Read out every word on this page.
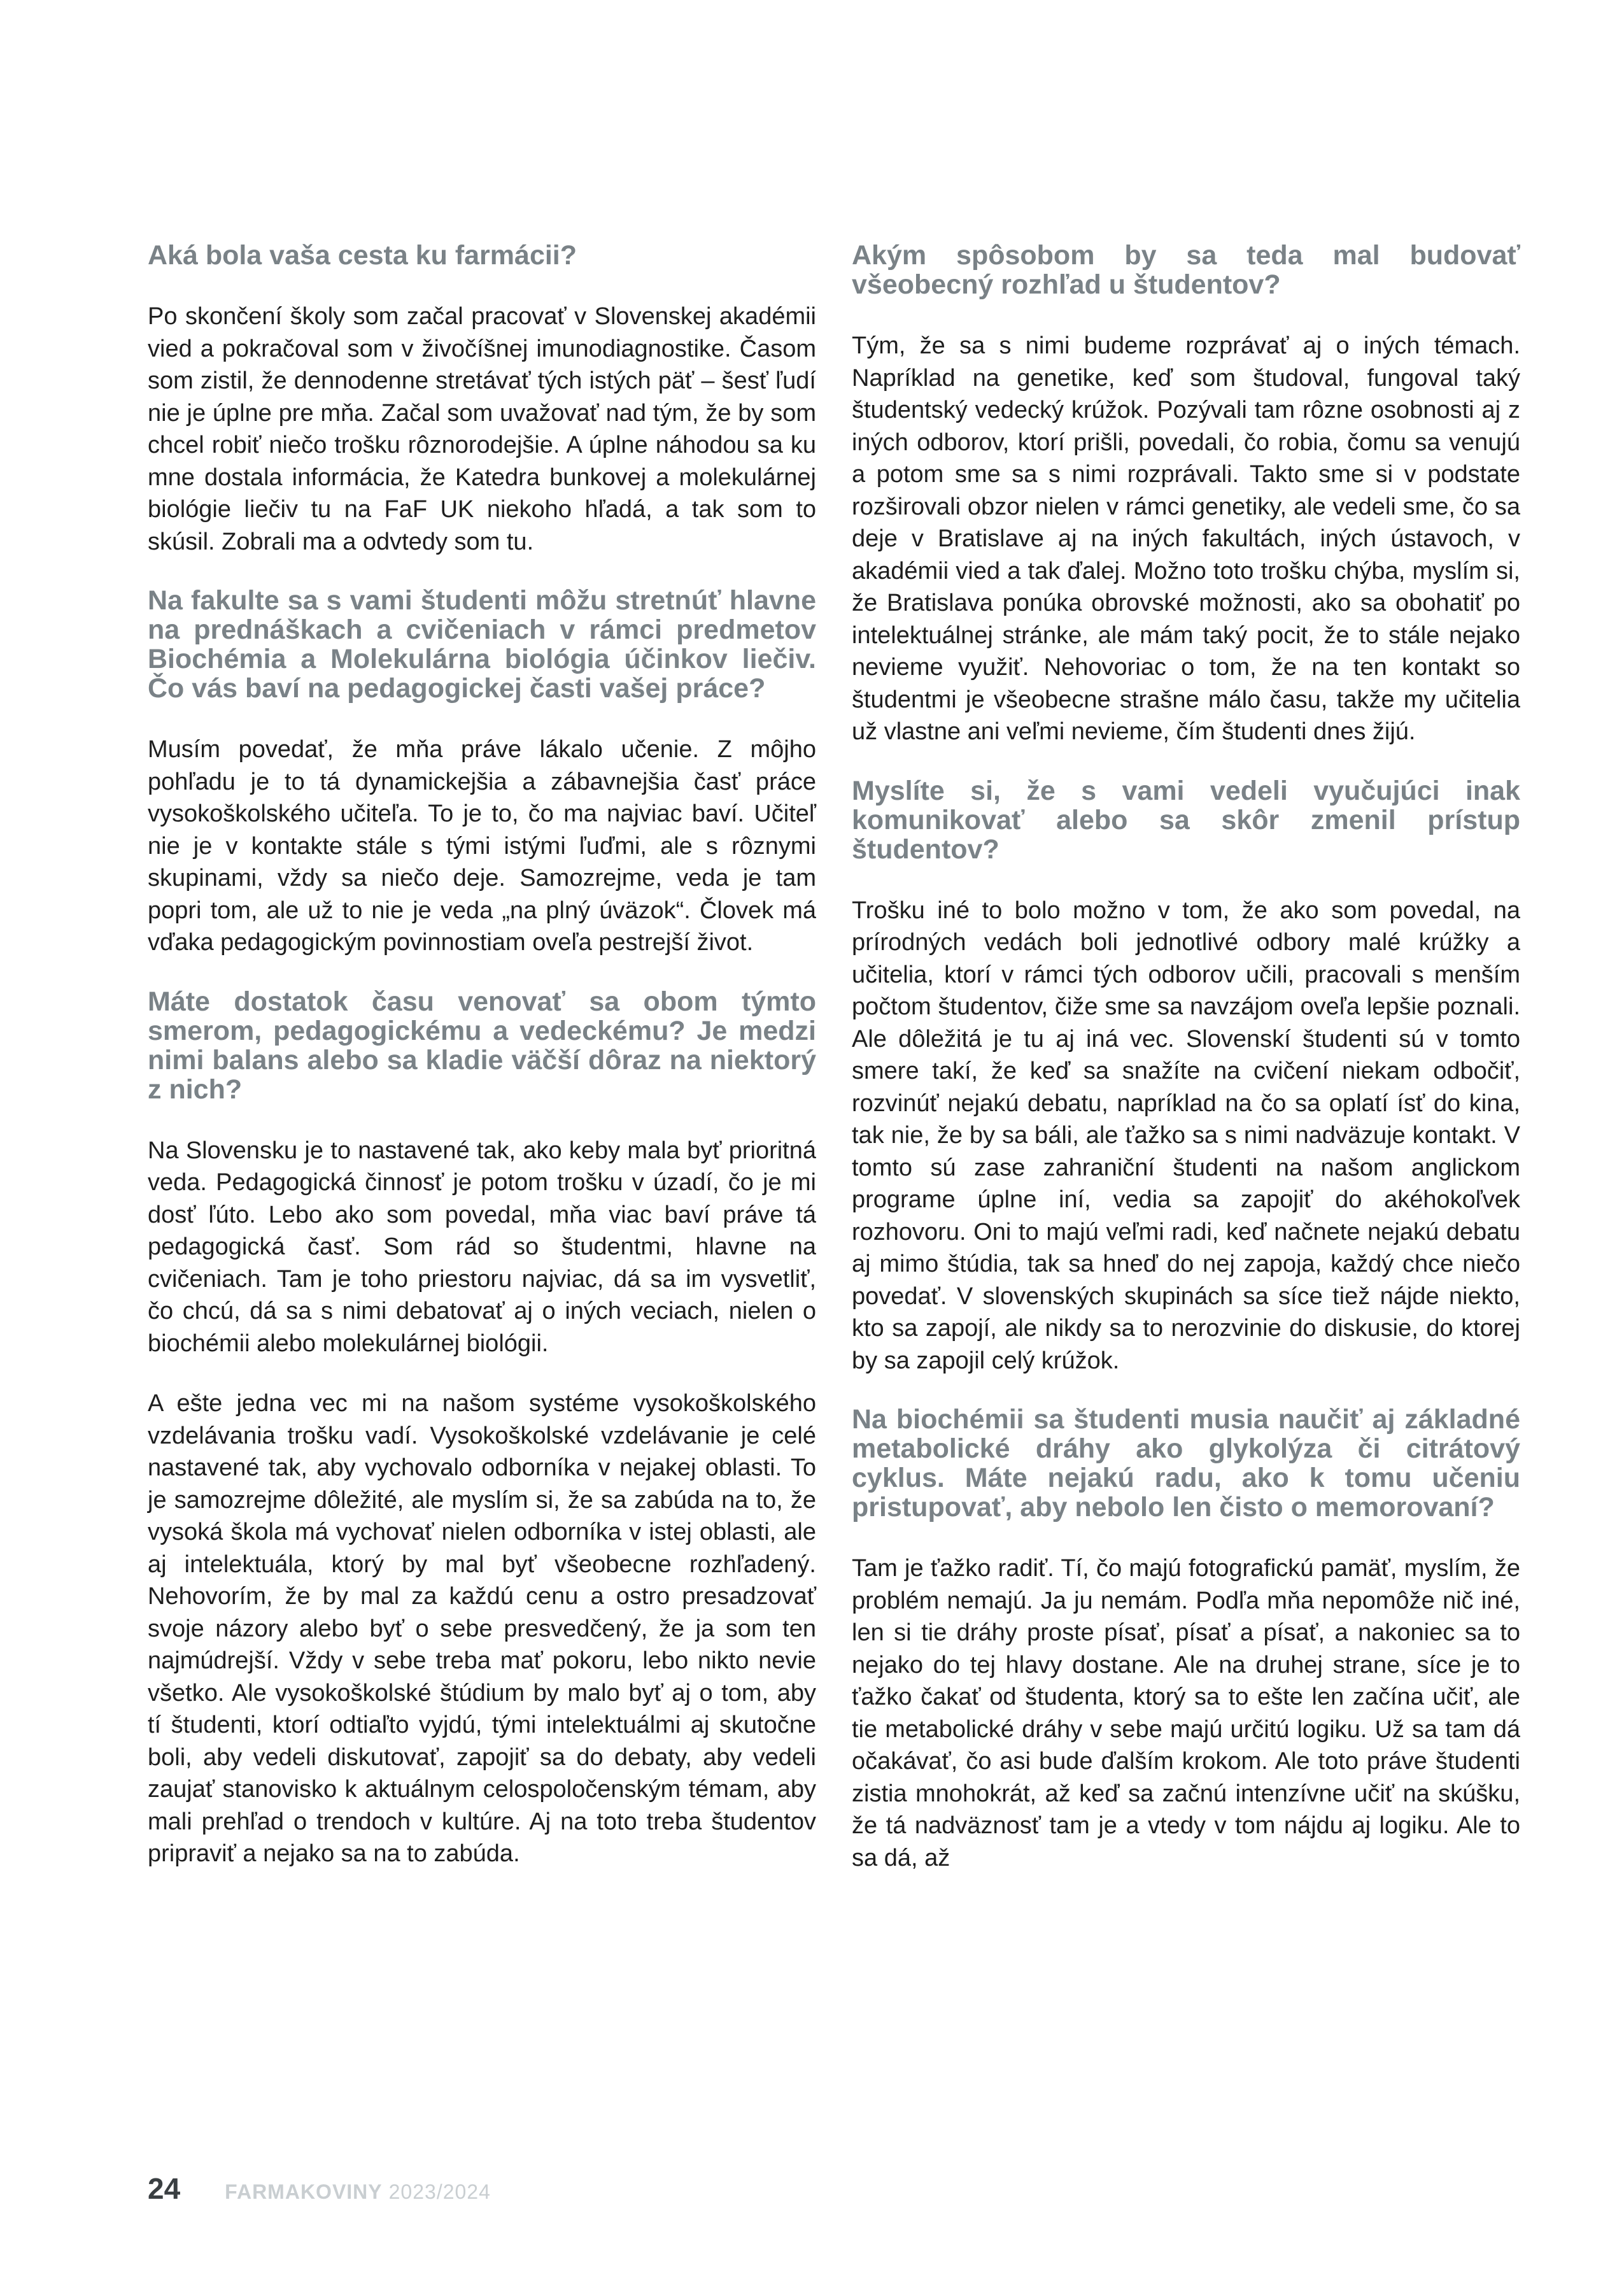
Aká bola vaša cesta ku farmácii?
Po skončení školy som začal pracovať v Slovenskej akadémii vied a pokračoval som v živočíšnej imunodiagnostike. Časom som zistil, že dennodenne stretávať tých istých päť – šesť ľudí nie je úplne pre mňa. Začal som uvažovať nad tým, že by som chcel robiť niečo trošku rôznorodejšie. A úplne náhodou sa ku mne dostala informácia, že Katedra bunkovej a molekulárnej biológie liečiv tu na FaF UK niekoho hľadá, a tak som to skúsil. Zobrali ma a odvtedy som tu.
Na fakulte sa s vami študenti môžu stretnúť hlavne na prednáškach a cvičeniach v rámci predmetov Biochémia a Molekulárna biológia účinkov liečiv. Čo vás baví na pedagogickej časti vašej práce?
Musím povedať, že mňa práve lákalo učenie. Z môjho pohľadu je to tá dynamickejšia a zábavnejšia časť práce vysokoškolského učiteľa. To je to, čo ma najviac baví. Učiteľ nie je v kontakte stále s tými istými ľuďmi, ale s rôznymi skupinami, vždy sa niečo deje. Samozrejme, veda je tam popri tom, ale už to nie je veda „na plný úväzok“. Človek má vďaka pedagogickým povinnostiam oveľa pestrejší život.
Máte dostatok času venovať sa obom týmto smerom, pedagogickému a vedeckému? Je medzi nimi balans alebo sa kladie väčší dôraz na niektorý z nich?
Na Slovensku je to nastavené tak, ako keby mala byť prioritná veda. Pedagogická činnosť je potom trošku v úzadí, čo je mi dosť ľúto. Lebo ako som povedal, mňa viac baví práve tá pedagogická časť. Som rád so študentmi, hlavne na cvičeniach. Tam je toho priestoru najviac, dá sa im vysvetliť, čo chcú, dá sa s nimi debatovať aj o iných veciach, nielen o biochémii alebo molekulárnej biológii.
A ešte jedna vec mi na našom systéme vysokoškolského vzdelávania trošku vadí. Vysokoškolské vzdelávanie je celé nastavené tak, aby vychovalo odborníka v nejakej oblasti. To je samozrejme dôležité, ale myslím si, že sa zabúda na to, že vysoká škola má vychovať nielen odborníka v istej oblasti, ale aj intelektuála, ktorý by mal byť všeobecne rozhľadený. Nehovorím, že by mal za každú cenu a ostro presadzovať svoje názory alebo byť o sebe presvedčený, že ja som ten najmúdrejší. Vždy v sebe treba mať pokoru, lebo nikto nevie všetko. Ale vysokoškolské štúdium by malo byť aj o tom, aby tí študenti, ktorí odtiaľto vyjdú, tými intelektuálmi aj skutočne boli, aby vedeli diskutovať, zapojiť sa do debaty, aby vedeli zaujať stanovisko k aktuálnym celospoločenským témam, aby mali prehľad o trendoch v kultúre. Aj na toto treba študentov pripraviť a nejako sa na to zabúda.
Akým spôsobom by sa teda mal budovať všeobecný rozhľad u študentov?
Tým, že sa s nimi budeme rozprávať aj o iných témach. Napríklad na genetike, keď som študoval, fungoval taký študentský vedecký krúžok. Pozývali tam rôzne osobnosti aj z iných odborov, ktorí prišli, povedali, čo robia, čomu sa venujú a potom sme sa s nimi rozprávali. Takto sme si v podstate rozširovali obzor nielen v rámci genetiky, ale vedeli sme, čo sa deje v Bratislave aj na iných fakultách, iných ústavoch, v akadémii vied a tak ďalej. Možno toto trošku chýba, myslím si, že Bratislava ponúka obrovské možnosti, ako sa obohatiť po intelektuálnej stránke, ale mám taký pocit, že to stále nejako nevieme využiť. Nehovoriac o tom, že na ten kontakt so študentmi je všeobecne strašne málo času, takže my učitelia už vlastne ani veľmi nevieme, čím študenti dnes žijú.
Myslíte si, že s vami vedeli vyučujúci inak komunikovať alebo sa skôr zmenil prístup študentov?
Trošku iné to bolo možno v tom, že ako som povedal, na prírodných vedách boli jednotlivé odbory malé krúžky a učitelia, ktorí v rámci tých odborov učili, pracovali s menším počtom študentov, čiže sme sa navzájom oveľa lepšie poznali. Ale dôležitá je tu aj iná vec. Slovenskí študenti sú v tomto smere takí, že keď sa snažíte na cvičení niekam odbočiť, rozvinúť nejakú debatu, napríklad na čo sa oplatí ísť do kina, tak nie, že by sa báli, ale ťažko sa s nimi nadväzuje kontakt. V tomto sú zase zahraniční študenti na našom anglickom programe úplne iní, vedia sa zapojiť do akéhokoľvek rozhovoru. Oni to majú veľmi radi, keď načnete nejakú debatu aj mimo štúdia, tak sa hneď do nej zapoja, každý chce niečo povedať. V slovenských skupinách sa síce tiež nájde niekto, kto sa zapojí, ale nikdy sa to nerozvinie do diskusie, do ktorej by sa zapojil celý krúžok.
Na biochémii sa študenti musia naučiť aj základné metabolické dráhy ako glykolýza či citrátový cyklus. Máte nejakú radu, ako k tomu učeniu pristupovať, aby nebolo len čisto o memorovaní?
Tam je ťažko radiť. Tí, čo majú fotografickú pamäť, myslím, že problém nemajú. Ja ju nemám. Podľa mňa nepomôže nič iné, len si tie dráhy proste písať, písať a písať, a nakoniec sa to nejako do tej hlavy dostane. Ale na druhej strane, síce je to ťažko čakať od študenta, ktorý sa to ešte len začína učiť, ale tie metabolické dráhy v sebe majú určitú logiku. Už sa tam dá očakávať, čo asi bude ďalším krokom. Ale toto práve študenti zistia mnohokrát, až keď sa začnú intenzívne učiť na skúšku, že tá nadväznosť tam je a vtedy v tom nájdu aj logiku. Ale to sa dá, až
24 FARMAKOVINY 2023/2024
